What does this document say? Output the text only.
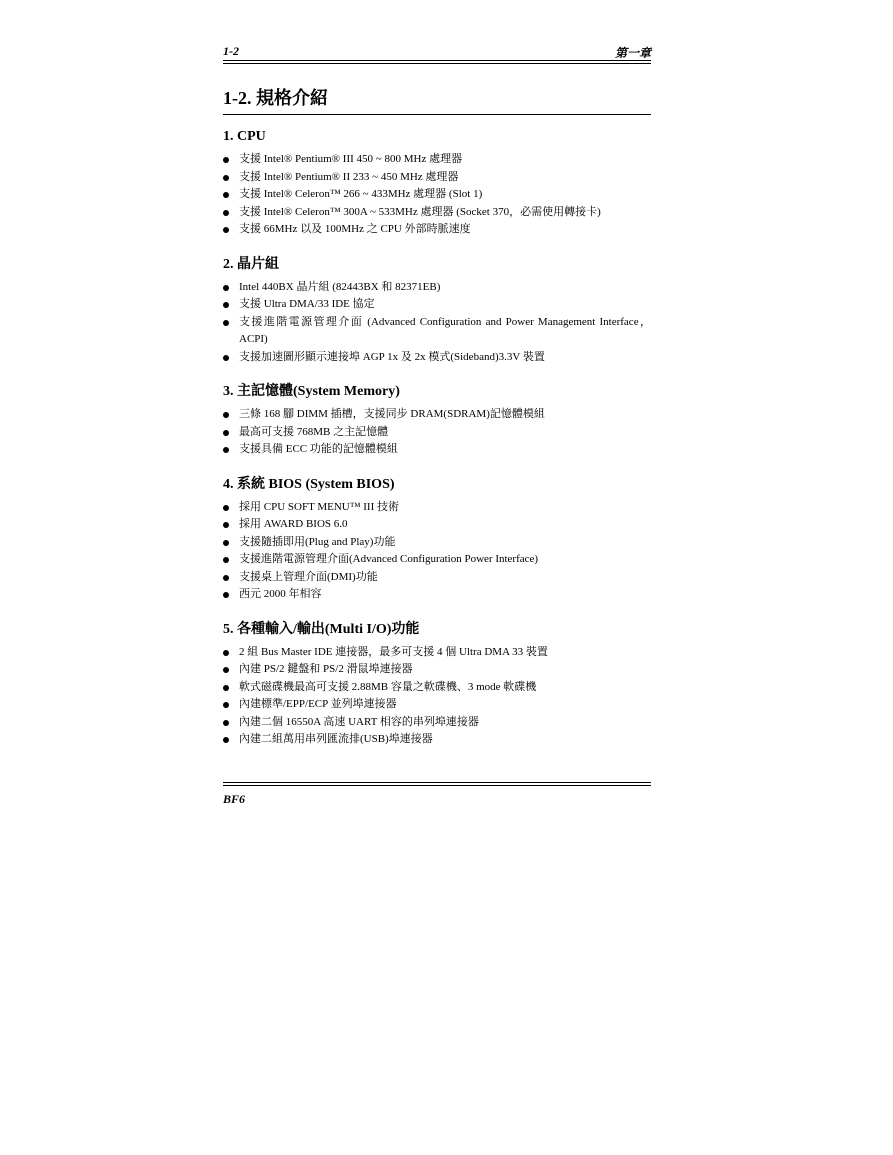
1-2	第一章
1-2. 規格介紹
1. CPU
支援 Intel® Pentium® III 450 ~ 800 MHz 處理器
支援 Intel® Pentium® II 233 ~ 450 MHz 處理器
支援 Intel® Celeron™ 266 ~ 433MHz 處理器 (Slot 1)
支援 Intel® Celeron™ 300A ~ 533MHz 處理器 (Socket 370，必需使用轉接卡)
支援 66MHz 以及 100MHz 之 CPU 外部時脈速度
2. 晶片組
Intel 440BX 晶片組 (82443BX 和 82371EB)
支援 Ultra DMA/33 IDE 協定
支援進階電源管理介面 (Advanced Configuration and Power Management Interface，ACPI)
支援加速圖形顯示連接埠 AGP 1x 及 2x 模式(Sideband)3.3V 裝置
3. 主記憶體(System Memory)
三條 168 腳 DIMM 插槽，支援同步 DRAM(SDRAM)記憶體模組
最高可支援 768MB 之主記憶體
支援具備 ECC 功能的記憶體模組
4. 系統 BIOS (System BIOS)
採用 CPU SOFT MENU™ III 技術
採用 AWARD BIOS 6.0
支援隨插即用(Plug and Play)功能
支援進階電源管理介面(Advanced Configuration Power Interface)
支援桌上管理介面(DMI)功能
西元 2000 年相容
5. 各種輸入/輸出(Multi I/O)功能
2 組 Bus Master IDE 連接器，最多可支援 4 個 Ultra DMA 33 裝置
內建 PS/2 鍵盤和 PS/2 滑鼠埠連接器
軟式磁碟機最高可支援 2.88MB 容量之軟碟機、3 mode 軟碟機
內建標準/EPP/ECP 並列埠連接器
內建二個 16550A 高速 UART 相容的串列埠連接器
內建二組萬用串列匯流排(USB)埠連接器
BF6
